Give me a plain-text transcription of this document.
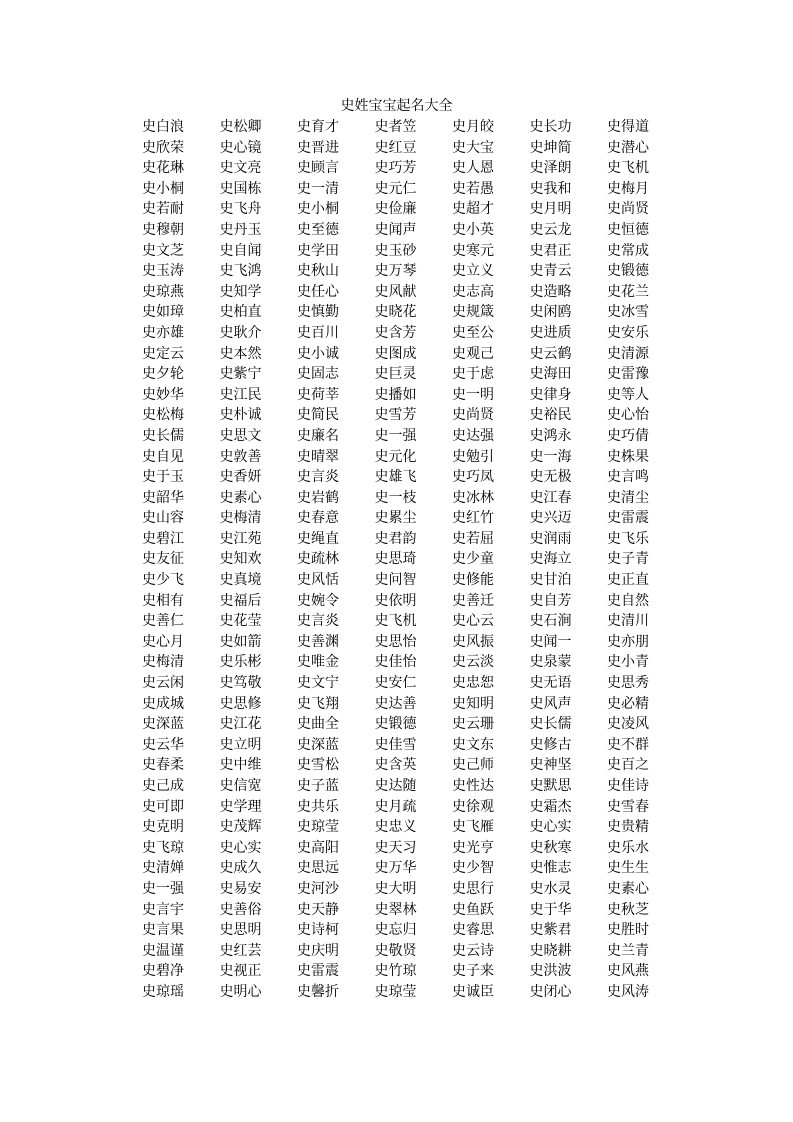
史姓宝宝起名大全
史白浪	史松卿	史育才	史者笠	史月皎	史长功	史得道
史欣荣	史心镜	史晋进	史红豆	史大宝	史坤简	史潜心
史花琳	史文亮	史顾言	史巧芳	史人恩	史泽朗	史飞机
史小桐	史国栋	史一清	史元仁	史若愚	史我和	史梅月
史若耐	史飞舟	史小桐	史俭廉	史超才	史月明	史尚贤
史穆朝	史丹玉	史至德	史闻声	史小英	史云龙	史恒德
史文芝	史自闻	史学田	史玉砂	史寒元	史君正	史常成
史玉涛	史飞鸿	史秋山	史万琴	史立义	史青云	史锻德
史琼燕	史知学	史任心	史风献	史志高	史造略	史花兰
史如璋	史柏直	史慎勤	史晓花	史规箴	史闲鸥	史冰雪
史亦雄	史耿介	史百川	史含芳	史至公	史进质	史安乐
史定云	史本然	史小诚	史图成	史观己	史云鹤	史清源
史夕轮	史紫宁	史固志	史巨灵	史于虑	史海田	史雷豫
史妙华	史江民	史荷莘	史播如	史一明	史律身	史等人
史松梅	史朴诚	史简民	史雪芳	史尚贤	史裕民	史心怡
史长儒	史思文	史廉名	史一强	史达强	史鸿永	史巧倩
史自见	史敦善	史晴翠	史元化	史勉引	史一海	史株果
史于玉	史香妍	史言炎	史雄飞	史巧凤	史无极	史言鸣
史韶华	史素心	史岩鹤	史一枝	史冰林	史江春	史清尘
史山容	史梅清	史春意	史累尘	史红竹	史兴迈	史雷震
史碧江	史江苑	史绳直	史君韵	史若屈	史润雨	史飞乐
史友征	史知欢	史疏林	史思琦	史少童	史海立	史子青
史少飞	史真境	史风恬	史问智	史修能	史甘泊	史正直
史相有	史福后	史婉令	史依明	史善迁	史自芳	史自然
史善仁	史花莹	史言炎	史飞机	史心云	史石涧	史清川
史心月	史如箭	史善渊	史思怡	史风振	史闻一	史亦朋
史梅清	史乐彬	史唯金	史佳怡	史云淡	史泉蒙	史小青
史云闲	史笃敬	史文宁	史安仁	史忠恕	史无语	史思秀
史成城	史思修	史飞翔	史达善	史知明	史风声	史必精
史深蓝	史江花	史曲全	史锻德	史云珊	史长儒	史凌风
史云华	史立明	史深蓝	史佳雪	史文东	史修古	史不群
史春柔	史中维	史雪松	史含英	史己师	史神坚	史百之
史己成	史信宽	史子蓝	史达随	史性达	史默思	史佳诗
史可即	史学理	史共乐	史月疏	史徐观	史霜杰	史雪春
史克明	史茂辉	史琼莹	史忠义	史飞雁	史心实	史贵精
史飞琼	史心实	史高阳	史天习	史光亨	史秋寒	史乐水
史清婵	史成久	史思远	史万华	史少智	史惟志	史生生
史一强	史易安	史河沙	史大明	史思行	史水灵	史素心
史言宇	史善俗	史天静	史翠林	史鱼跃	史于华	史秋芝
史言果	史思明	史诗柯	史忘归	史睿思	史紫君	史胜时
史温谨	史红芸	史庆明	史敬贤	史云诗	史晓耕	史兰青
史碧净	史视正	史雷震	史竹琼	史子来	史洪波	史风燕
史琼瑶	史明心	史馨折	史琼莹	史诚臣	史闭心	史风涛
